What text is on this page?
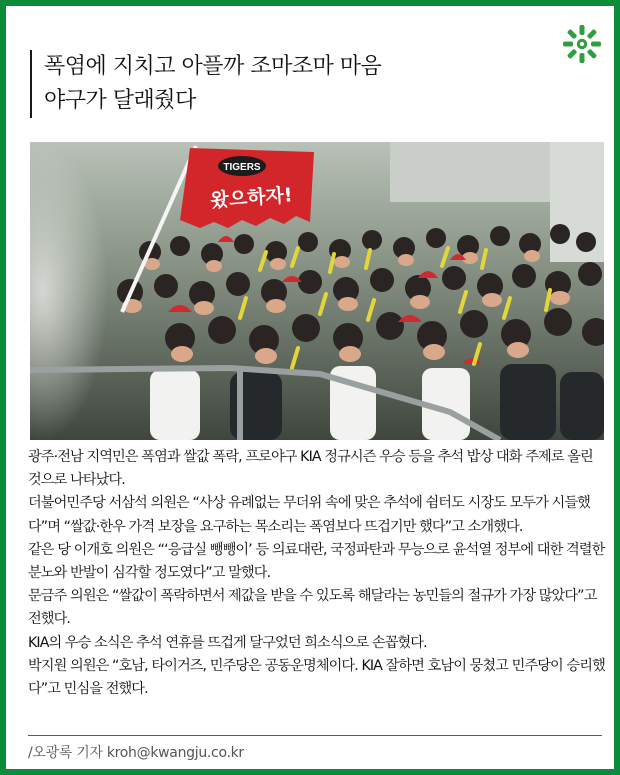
폭염에 지치고 아플까 조마조마 마음
야구가 달래줬다
TIGERS
왔으하자!

광주·전남 지역민은 폭염과 쌀값 폭락, 프로야구 KIA 정규시즌 우승 등을 추석 밥상 대화 주제로 올린 것으로 나타났다.

더불어민주당 서삼석 의원은 “사상 유례없는 무더위 속에 맞은 추석에 쉼터도 시장도 모두가 시들했다”며 “쌀값·한우 가격 보장을 요구하는 목소리는 폭염보다 뜨겁기만 했다”고 소개했다.

같은 당 이개호 의원은 “‘응급실 뺑뺑이’ 등 의료대란, 국정파탄과 무능으로 윤석열 정부에 대한 격렬한 분노와 반발이 심각할 정도였다”고 말했다.

문금주 의원은 “쌀값이 폭락하면서 제값을 받을 수 있도록 해달라는 농민들의 절규가 가장 많았다”고 전했다.

KIA의 우승 소식은 추석 연휴를 뜨겁게 달구었던 희소식으로 손꼽혔다.

박지원 의원은 “호남, 타이거즈, 민주당은 공동운명체이다. KIA 잘하면 호남이 뭉쳤고 민주당이 승리했다”고 민심을 전했다.

/오광록 기자 kroh@kwangju.co.kr
